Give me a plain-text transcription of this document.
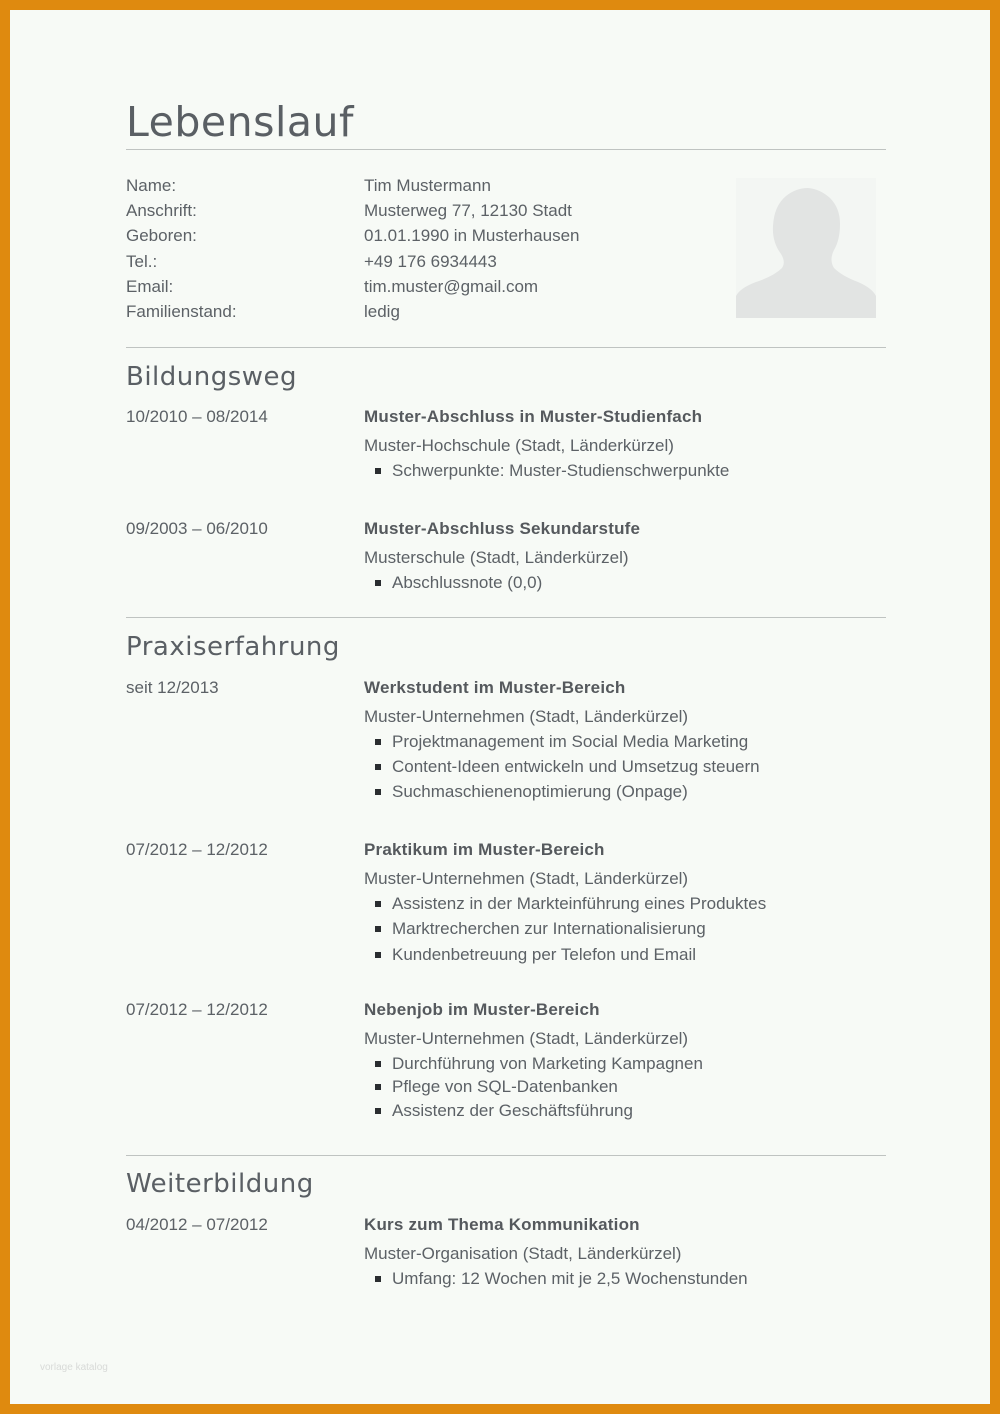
Lebenslauf
Name:	Tim Mustermann
Anschrift:	Musterweg 77, 12130 Stadt
Geboren:	01.01.1990 in Musterhausen
Tel.:	+49 176 6934443
Email:	tim.muster@gmail.com
Familienstand:	ledig
Bildungsweg
10/2010 – 08/2014	Muster-Abschluss in Muster-Studienfach
Muster-Hochschule (Stadt, Länderkürzel)
Schwerpunkte: Muster-Studienschwerpunkte
09/2003 – 06/2010	Muster-Abschluss Sekundarstufe
Musterschule (Stadt, Länderkürzel)
Abschlussnote (0,0)
Praxiserfahrung
seit 12/2013	Werkstudent im Muster-Bereich
Muster-Unternehmen (Stadt, Länderkürzel)
Projektmanagement im Social Media Marketing
Content-Ideen entwickeln und Umsetzug steuern
Suchmaschienenoptimierung (Onpage)
07/2012 – 12/2012	Praktikum im Muster-Bereich
Muster-Unternehmen (Stadt, Länderkürzel)
Assistenz in der Markteinführung eines Produktes
Marktrecherchen zur Internationalisierung
Kundenbetreuung per Telefon und Email
07/2012 – 12/2012	Nebenjob im Muster-Bereich
Muster-Unternehmen (Stadt, Länderkürzel)
Durchführung von Marketing Kampagnen
Pflege von SQL-Datenbanken
Assistenz der Geschäftsführung
Weiterbildung
04/2012 – 07/2012	Kurs zum Thema Kommunikation
Muster-Organisation (Stadt, Länderkürzel)
Umfang: 12 Wochen mit je 2,5 Wochenstunden
vorlage katalog
